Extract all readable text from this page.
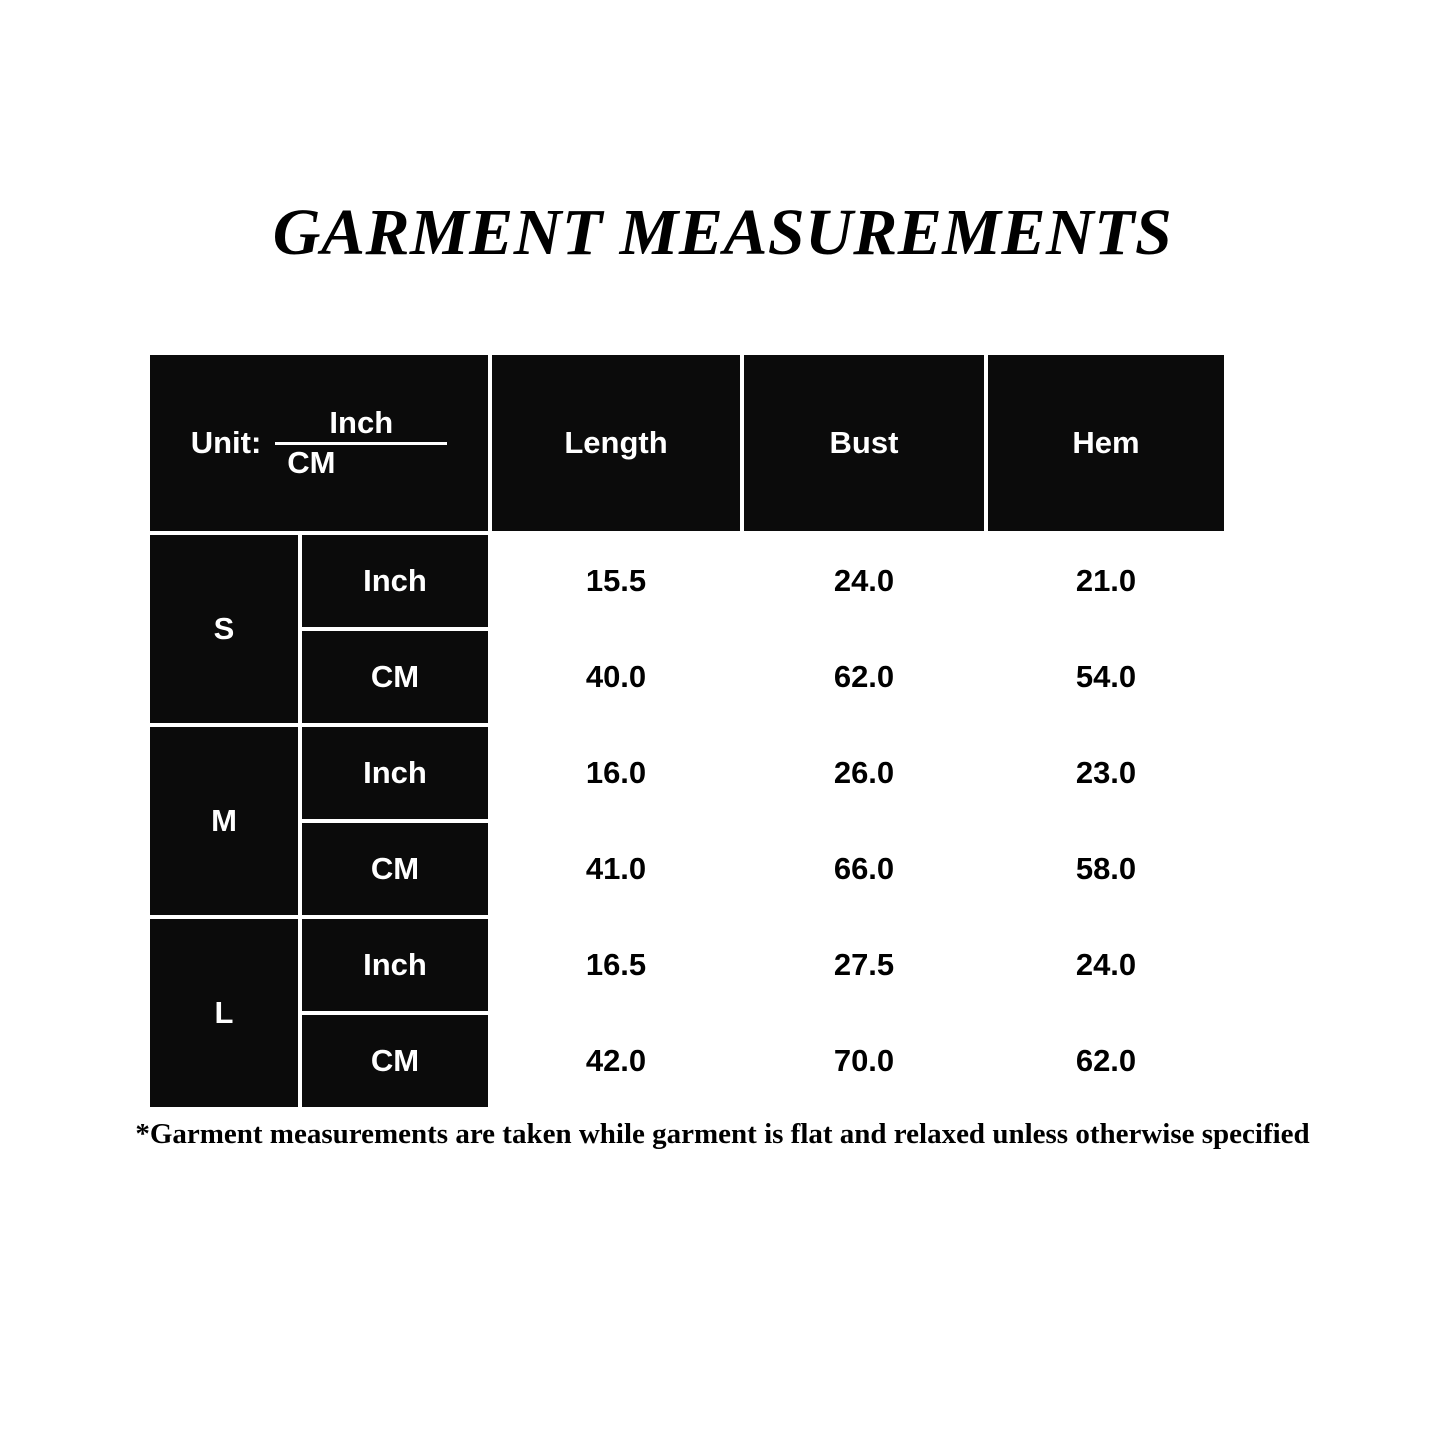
GARMENT MEASUREMENTS
Unit:
Inch
CM		Length	Bust	Hem
S	Inch	15.5	24.0	21.0
	CM	40.0	62.0	54.0
M	Inch	16.0	26.0	23.0
	CM	41.0	66.0	58.0
L	Inch	16.5	27.5	24.0
	CM	42.0	70.0	62.0
*Garment measurements are taken while garment is flat and relaxed unless otherwise specified
